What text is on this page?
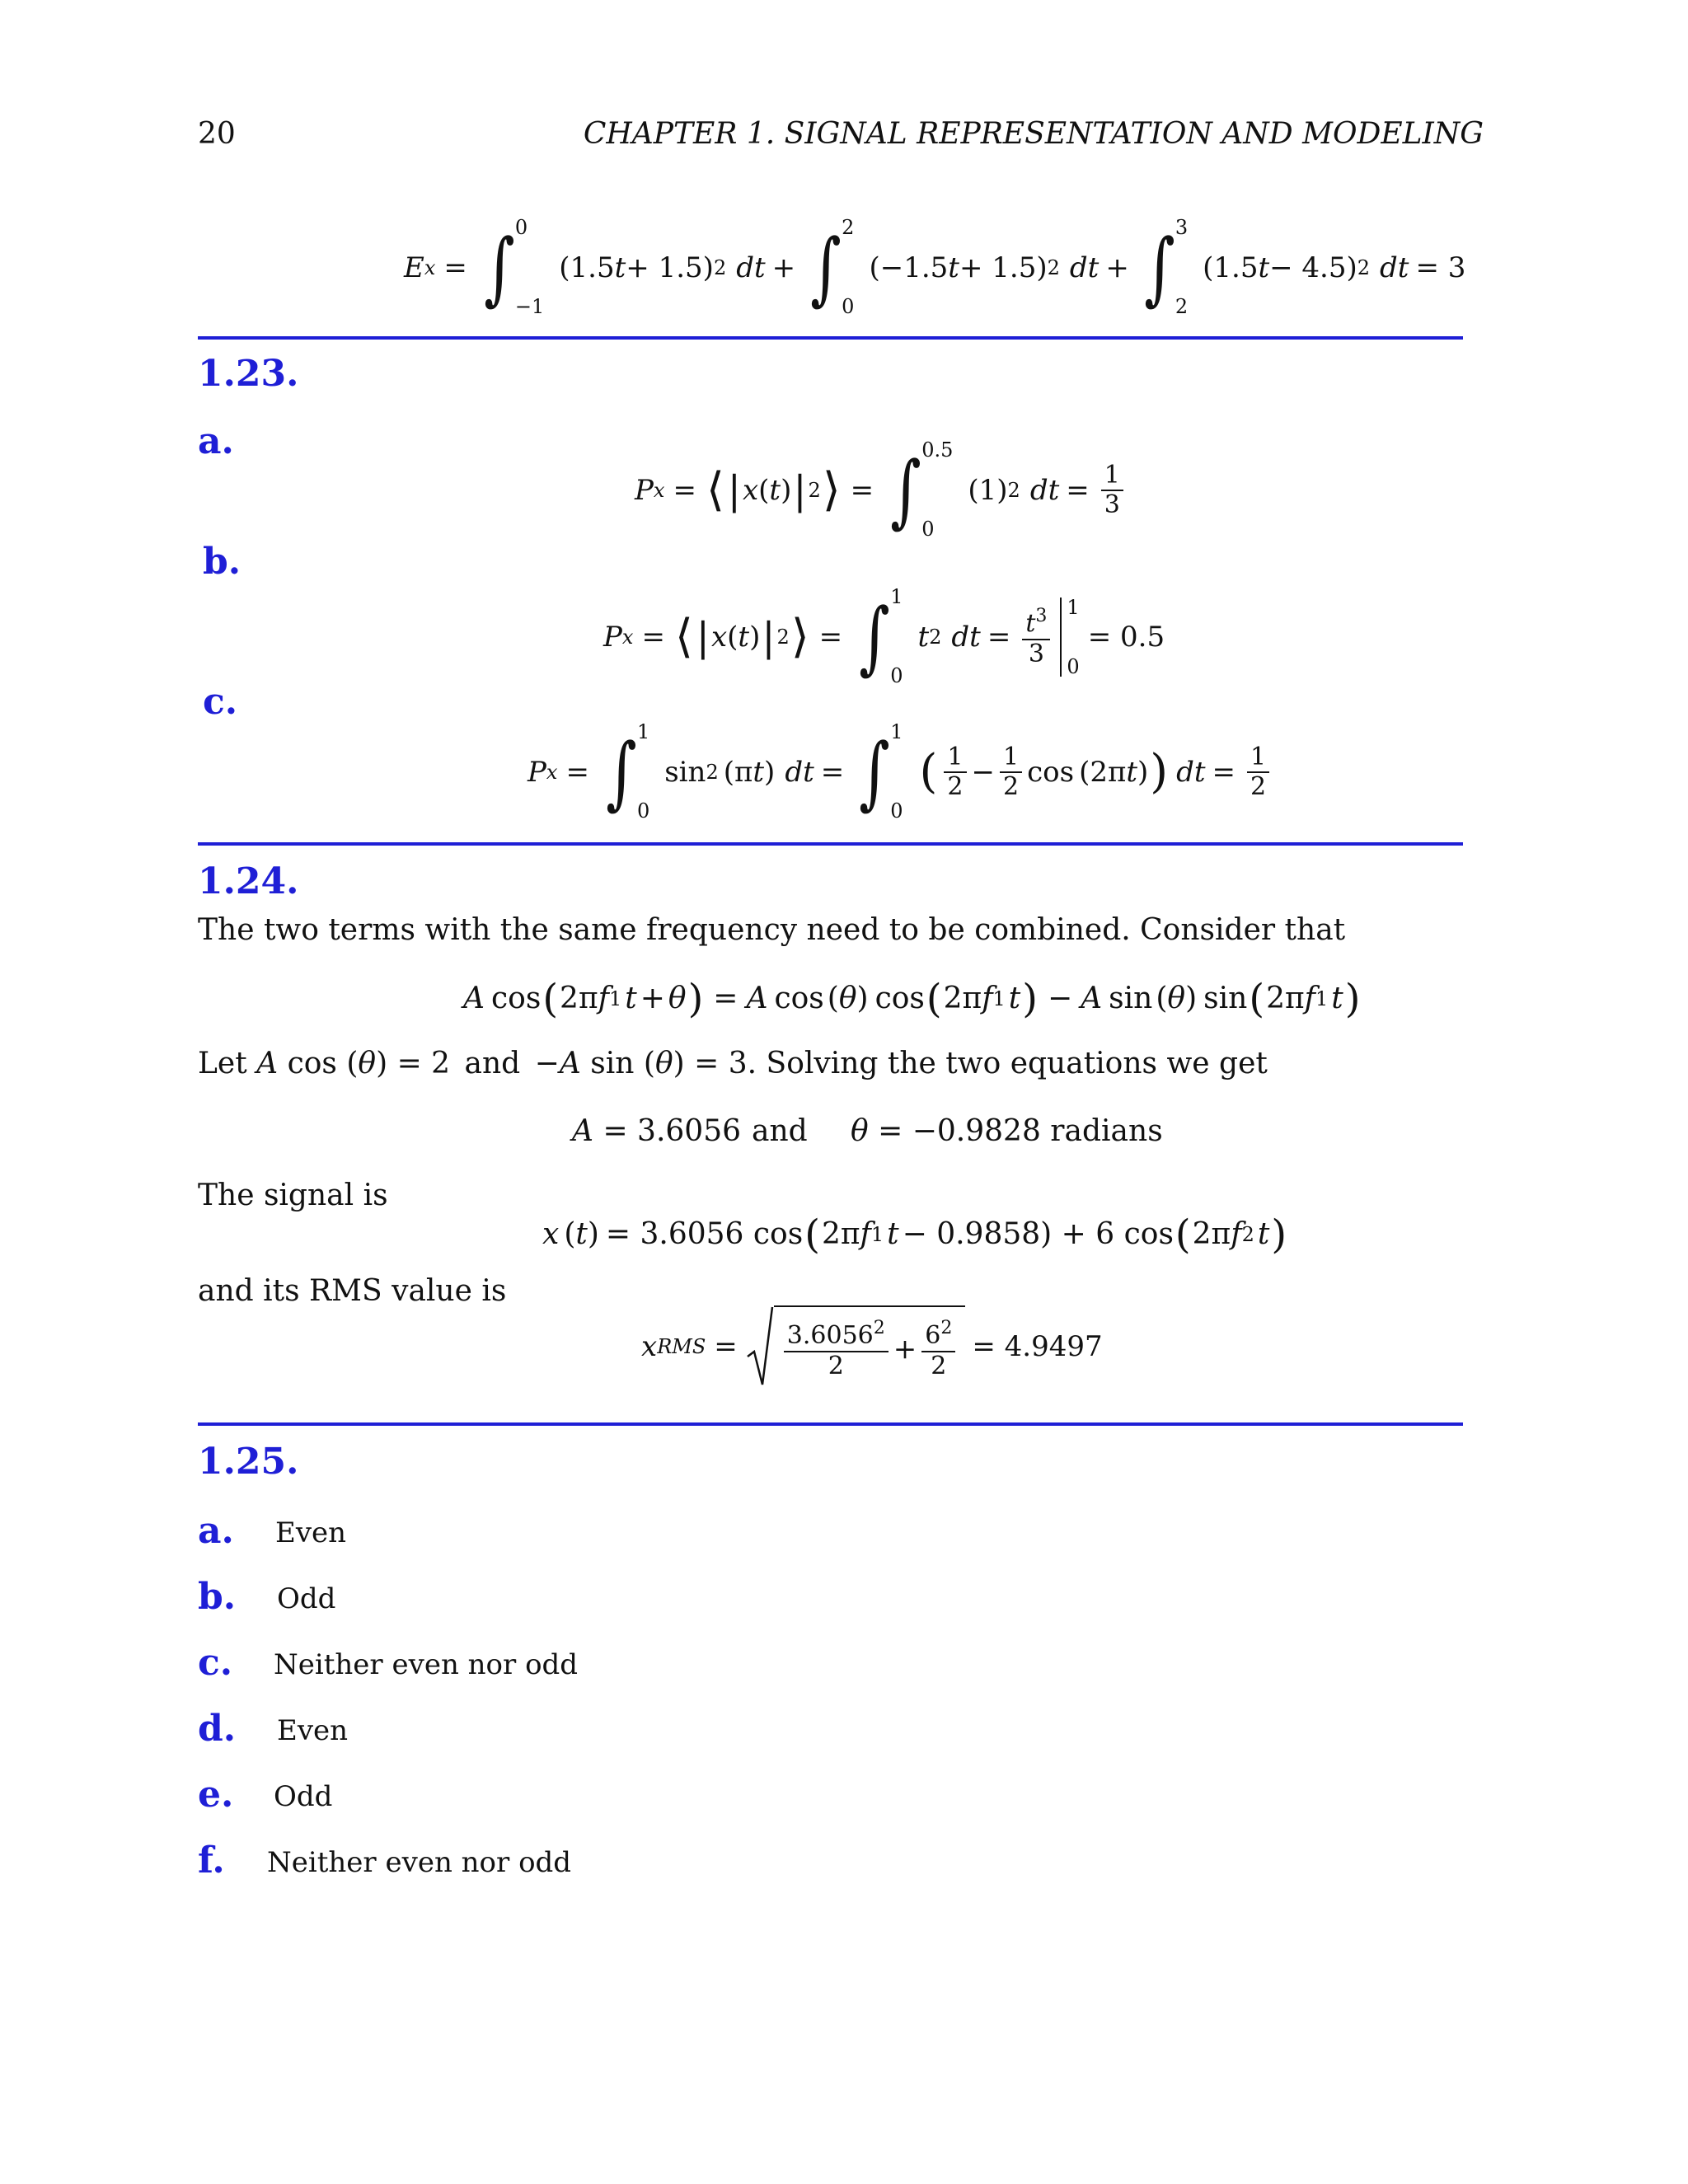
20	CHAPTER 1. SIGNAL REPRESENTATION AND MODELING
E x = ∫ 0
−1
(1.5 t + 1.5) 2 dt + ∫ 2
0
(−1.5 t + 1.5) 2 dt + ∫ 3
2
(1.5 t − 4.5) 2 dt = 3
1.23.
a.
P x = ⟨ | x ( t ) | 2 ⟩ = ∫ 0.5
0
(1) 2 dt = $\frac{1}{3}$
b.
P x = ⟨ | x ( t ) | 2 ⟩ = ∫ 1
0
t 2 dt = $\frac{t^3}{3} 1$
0
= 0.5
c.
P x = ∫ 1
0
sin 2 (π t ) dt = ∫ 1
0
( $\frac{1}{2} - \frac{1}{2}$ cos (2π t ) ) dt = $\frac{1}{2}$
1.24.
The two terms with the same frequency need to be combined. Consider that
A cos ( 2π f 1 t + θ ) = A cos ( θ ) cos ( 2π f 1 t ) − A sin ( θ ) sin ( 2π f 1 t )
Let A cos (θ) = 2 and −A sin (θ) = 3. Solving the two equations we get
A = 3.6056 and θ = −0.9828 radians
The signal is
x ( t ) = 3.6056 cos ( 2π f 1 t − 0.9858) + 6 cos ( 2π f 2 t )
and its RMS value is
x RMS = $\frac{3.6056^2}{2} + \frac{6^2}{2} = 4.9497$
1.25.
a. Even
b. Odd
c. Neither even nor odd
d. Even
e. Odd
f. Neither even nor odd
